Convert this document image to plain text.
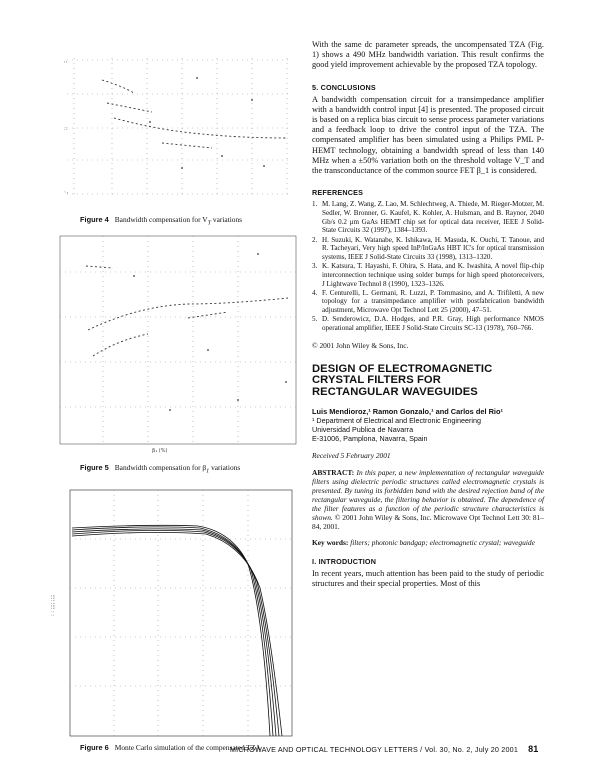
,,
::
`'
Figure 4 Bandwidth compensation for $V_T$ variations
β₁ (%)
Figure 5 Bandwidth compensation for $\beta_1$ variations
: : ;;;; ;;;;
Figure 6 Monte Carlo simulation of the compensated TZA

With the same dc parameter spreads, the uncompensated TZA (Fig. 1) shows a 490 MHz bandwidth variation. This result confirms the good yield improvement achievable by the proposed TZA topology.

5. CONCLUSIONS

A bandwidth compensation circuit for a transimpedance amplifier with a bandwidth control input [4] is presented. The proposed circuit is based on a replica bias circuit to sense process parameter variations and a feedback loop to drive the control input of the TZA. The compensated amplifier has been simulated using a Philips PML P-HEMT technology, obtaining a bandwidth spread of less than 140 MHz when a ±50% variation both on the threshold voltage V_T and the transconductance of the common source FET β_1 is considered.

REFERENCES

1. M. Lang, Z. Wang, Z. Lao, M. Schlechtweg, A. Thiede, M. Rieger-Motzer, M. Sedler, W. Bronner, G. Kaufel, K. Kohler, A. Hulsman, and B. Raynor, 2040 Gb/s 0.2 μm GaAs HEMT chip set for optical data receiver, IEEE J Solid-State Circuits 32 (1997), 1384–1393.
2. H. Suzuki, K. Watanabe, K. Ishikawa, H. Masuda, K. Ouchi, T. Tanoue, and R. Tacheyari, Very high speed InP/InGaAs HBT IC's for optical transmission systems, IEEE J Solid-State Circuits 33 (1998), 1313–1320.
3. K. Katsura, T. Hayashi, F. Ohira, S. Hata, and K. Iwashita, A novel flip-chip interconnection technique using solder bumps for high speed photoreceivers, J Lightwave Technol 8 (1990), 1323–1326.
4. F. Centurelli, L. Germani, R. Luzzi, P. Tommasino, and A. Trifiletti, A new topology for a transimpedance amplifier with postfabrication bandwidth adjustment, Microwave Opt Technol Lett 25 (2000), 47–51.
5. D. Senderowicz, D.A. Hodges, and P.R. Gray, High performance NMOS operational amplifier, IEEE J Solid-State Circuits SC-13 (1978), 760–766.

© 2001 John Wiley & Sons, Inc.

DESIGN OF ELECTROMAGNETIC

CRYSTAL FILTERS FOR

RECTANGULAR WAVEGUIDES

Luis Mendioroz,¹ Ramon Gonzalo,¹ and Carlos del Rio¹

¹ Department of Electrical and Electronic Engineering

Universidad Publica de Navarra

E-31006, Pamplona, Navarra, Spain

Received 5 February 2001

ABSTRACT: In this paper, a new implementation of rectangular waveguide filters using dielectric periodic structures called electromagnetic crystals is presented. By tuning its forbidden band with the desired rejection band of the rectangular waveguide, the filtering behavior is obtained. The dependence of the filter features as a function of the periodic structure characteristics is shown. © 2001 John Wiley & Sons, Inc. Microwave Opt Technol Lett 30: 81–84, 2001.

Key words: filters; photonic bandgap; electromagnetic crystal; waveguide

I. INTRODUCTION

In recent years, much attention has been paid to the study of periodic structures and their special properties. Most of this

MICROWAVE AND OPTICAL TECHNOLOGY LETTERS / Vol. 30, No. 2, July 20 2001 81
